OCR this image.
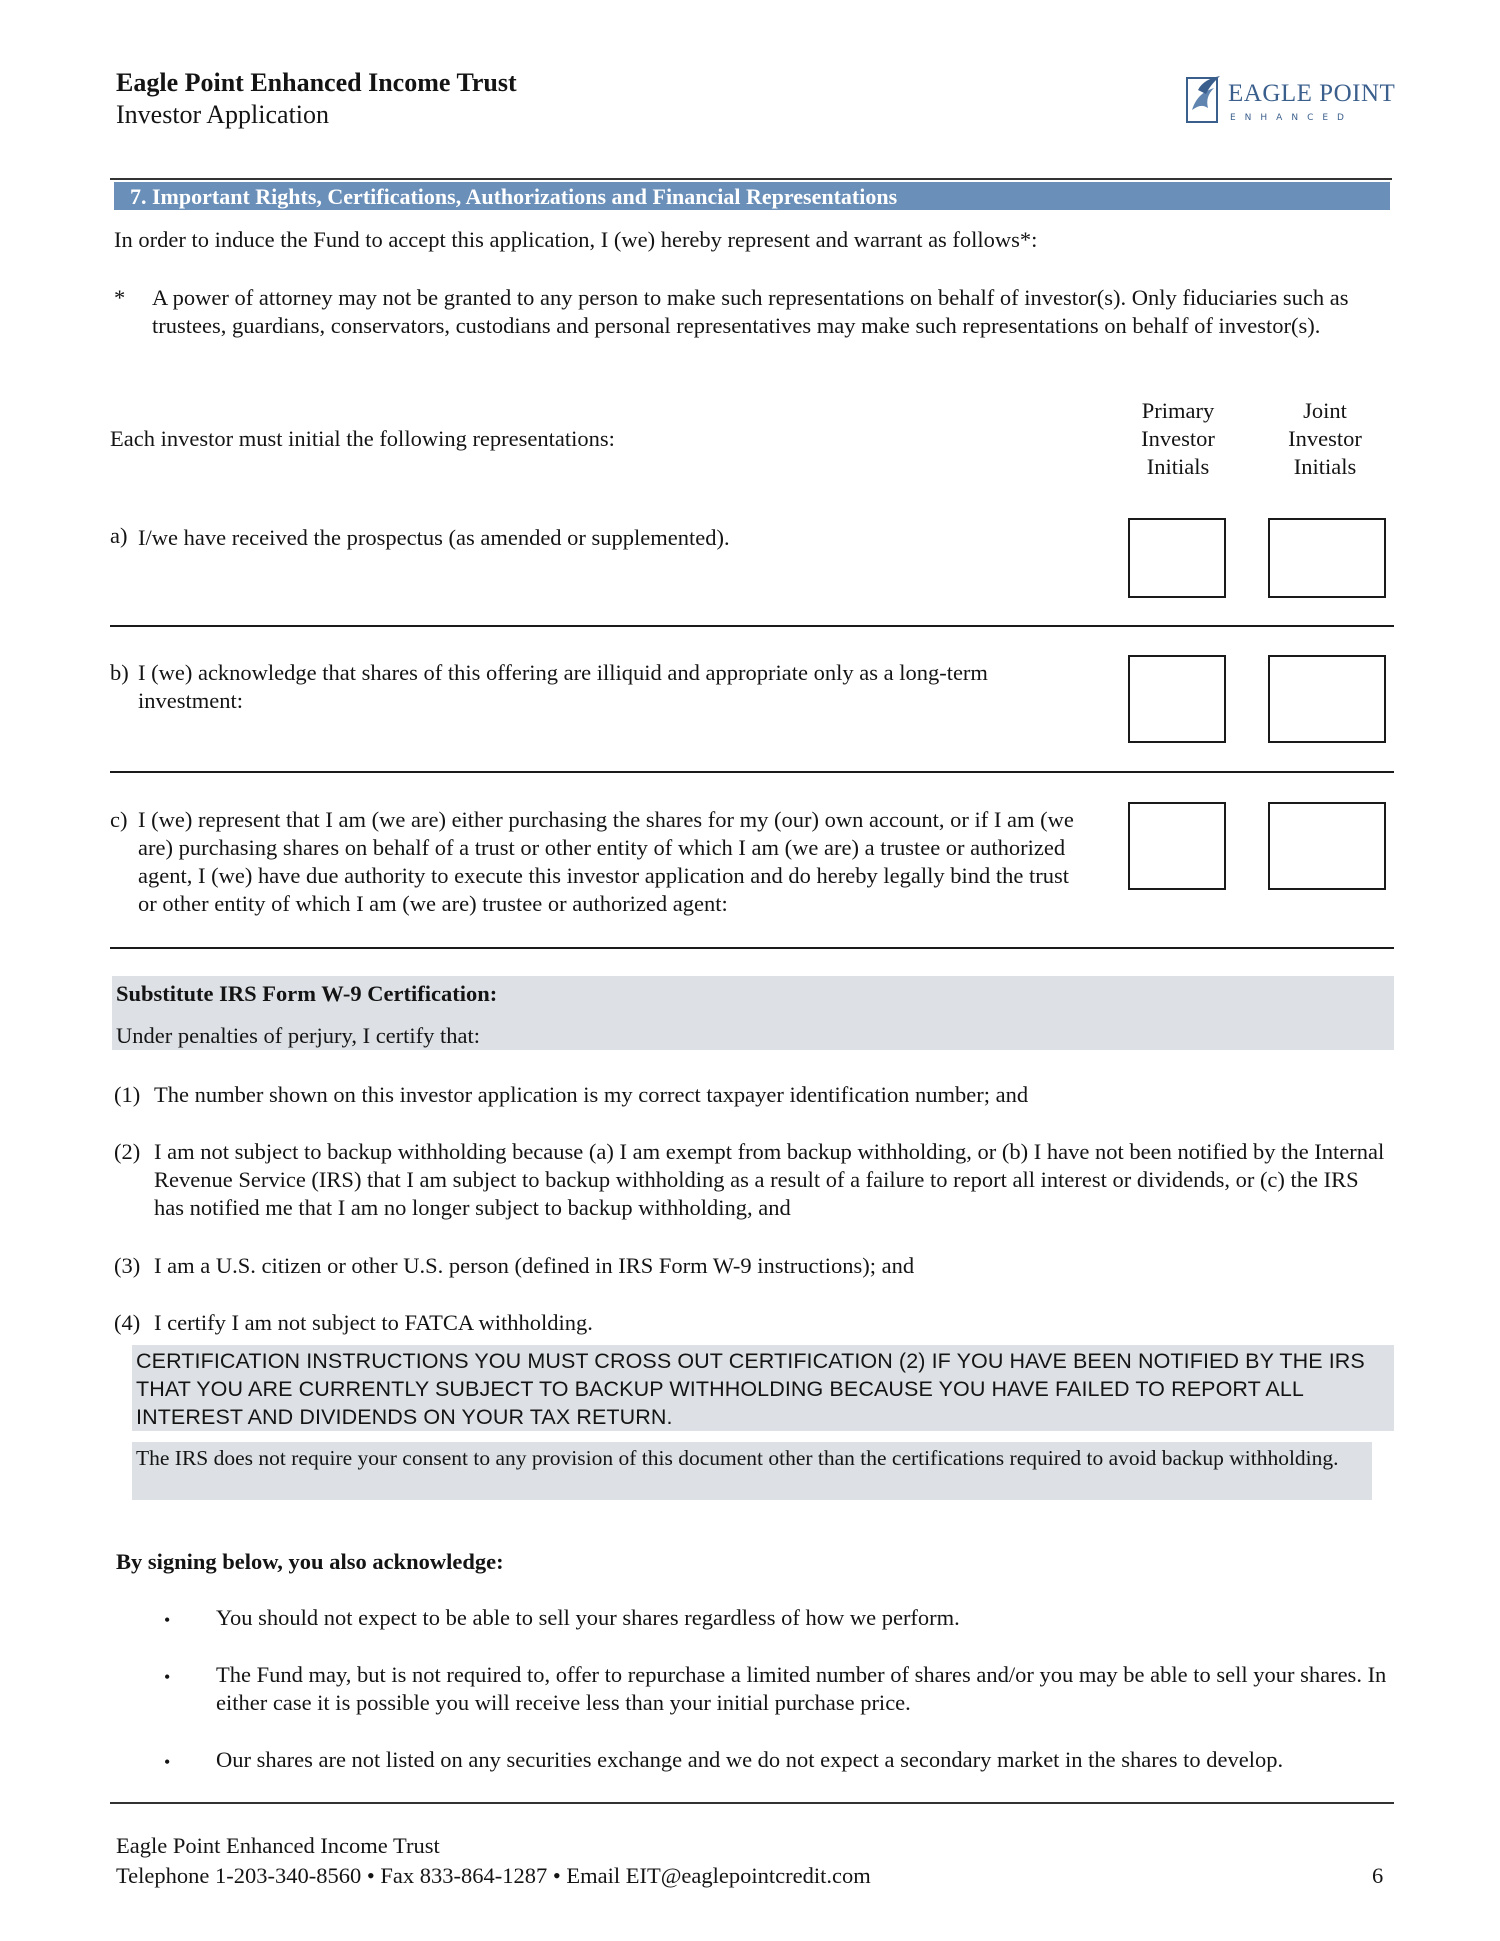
Eagle Point Enhanced Income Trust
Investor Application
EAGLE POINT
ENHANCED
7. Important Rights, Certifications, Authorizations and Financial Representations
In order to induce the Fund to accept this application, I (we) hereby represent and warrant as follows*:
* A power of attorney may not be granted to any person to make such representations on behalf of investor(s). Only fiduciaries such as trustees, guardians, conservators, custodians and personal representatives may make such representations on behalf of investor(s).
Each investor must initial the following representations:
Primary
Investor
Initials
Joint
Investor
Initials
a) I/we have received the prospectus (as amended or supplemented).
b) I (we) acknowledge that shares of this offering are illiquid and appropriate only as a long-term investment:
c) I (we) represent that I am (we are) either purchasing the shares for my (our) own account, or if I am (we are) purchasing shares on behalf of a trust or other entity of which I am (we are) a trustee or authorized agent, I (we) have due authority to execute this investor application and do hereby legally bind the trust or other entity of which I am (we are) trustee or authorized agent:
Substitute IRS Form W-9 Certification:
Under penalties of perjury, I certify that:
(1) The number shown on this investor application is my correct taxpayer identification number; and
(2) I am not subject to backup withholding because (a) I am exempt from backup withholding, or (b) I have not been notified by the Internal Revenue Service (IRS) that I am subject to backup withholding as a result of a failure to report all interest or dividends, or (c) the IRS has notified me that I am no longer subject to backup withholding, and
(3) I am a U.S. citizen or other U.S. person (defined in IRS Form W-9 instructions); and
(4) I certify I am not subject to FATCA withholding.
CERTIFICATION INSTRUCTIONS YOU MUST CROSS OUT CERTIFICATION (2) IF YOU HAVE BEEN NOTIFIED BY THE IRS THAT YOU ARE CURRENTLY SUBJECT TO BACKUP WITHHOLDING BECAUSE YOU HAVE FAILED TO REPORT ALL INTEREST AND DIVIDENDS ON YOUR TAX RETURN.
The IRS does not require your consent to any provision of this document other than the certifications required to avoid backup withholding.
By signing below, you also acknowledge:
• You should not expect to be able to sell your shares regardless of how we perform.
• The Fund may, but is not required to, offer to repurchase a limited number of shares and/or you may be able to sell your shares. In either case it is possible you will receive less than your initial purchase price.
• Our shares are not listed on any securities exchange and we do not expect a secondary market in the shares to develop.
Eagle Point Enhanced Income Trust
Telephone 1-203-340-8560 • Fax 833-864-1287 • Email EIT@eaglepointcredit.com	6
